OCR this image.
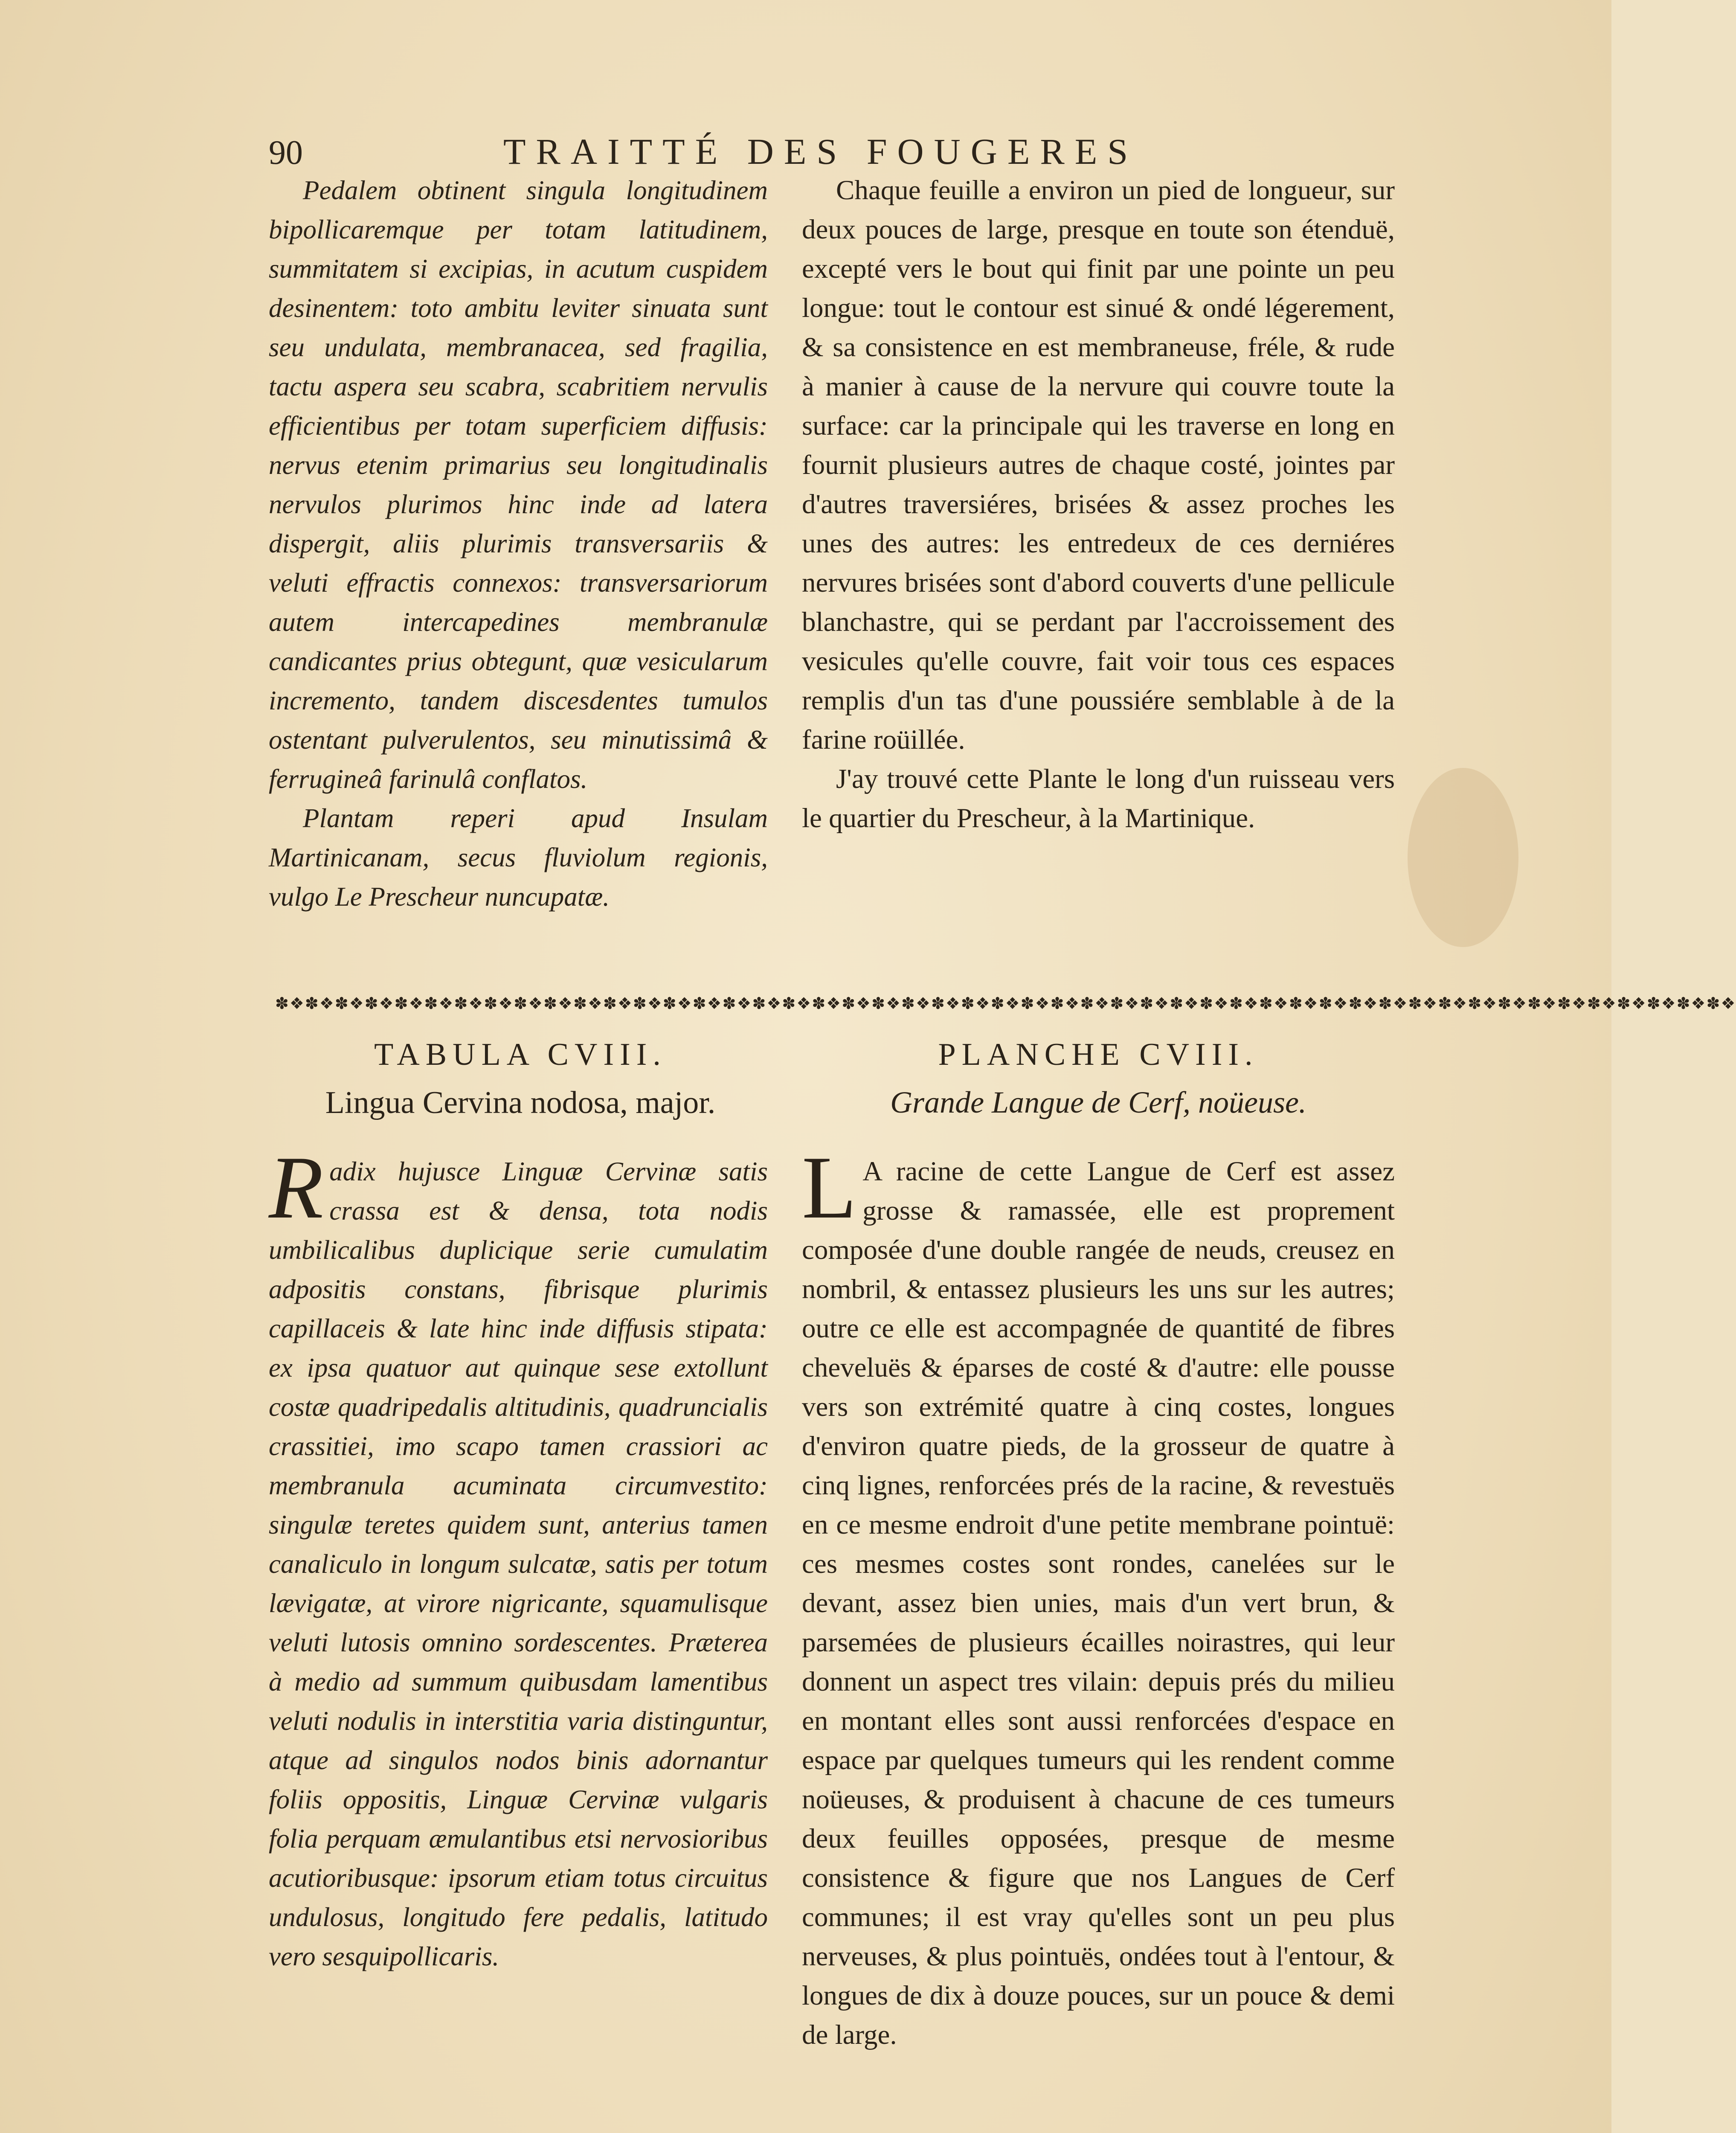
90	TRAITTÉ DES FOUGERES

Pedalem obtinent singula longitudinem bipollicaremque per totam latitudinem, summitatem si excipias, in acutum cuspidem desinentem: toto ambitu leviter sinuata sunt seu undulata, membranacea, sed fragilia, tactu aspera seu scabra, scabritiem nervulis efficientibus per totam superficiem diffusis: nervus etenim primarius seu longitudinalis nervulos plurimos hinc inde ad latera dispergit, aliis plurimis transversariis & veluti effractis connexos: transversariorum autem intercapedines membranulæ candicantes prius obtegunt, quæ vesicularum incremento, tandem discesdentes tumulos ostentant pulverulentos, seu minutissimâ & ferrugineâ farinulâ conflatos.

Plantam reperi apud Insulam Martinicanam, secus fluviolum regionis, vulgo Le Prescheur nuncupatæ.

Chaque feuille a environ un pied de longueur, sur deux pouces de large, presque en toute son étenduë, excepté vers le bout qui finit par une pointe un peu longue: tout le contour est sinué & ondé légerement, & sa consistence en est membraneuse, fréle, & rude à manier à cause de la nervure qui couvre toute la surface: car la principale qui les traverse en long en fournit plusieurs autres de chaque costé, jointes par d'autres traversiéres, brisées & assez proches les unes des autres: les entredeux de ces derniéres nervures brisées sont d'abord couverts d'une pellicule blanchastre, qui se perdant par l'accroissement des vesicules qu'elle couvre, fait voir tous ces espaces remplis d'un tas d'une poussiére semblable à de la farine roüillée.

J'ay trouvé cette Plante le long d'un ruisseau vers le quartier du Prescheur, à la Martinique.

✽❖✽❖✽❖✽❖✽❖✽❖✽❖✽❖✽❖✽❖✽❖✽❖✽❖✽❖✽❖✽❖✽❖✽❖✽❖✽❖✽❖✽❖✽❖✽❖✽❖✽❖✽❖✽❖✽❖✽❖✽❖✽❖✽❖✽❖✽❖✽❖✽❖✽❖✽❖✽❖✽❖✽❖✽❖✽❖✽❖✽❖✽❖✽❖✽❖
TABULA CVIII.
Lingua Cervina nodosa, major.
PLANCHE CVIII.
Grande Langue de Cerf, noüeuse.

R adix hujusce Linguæ Cervinæ satis crassa est & densa, tota nodis umbilicalibus duplicique serie cumulatim adpositis constans, fibrisque plurimis capillaceis & late hinc inde diffusis stipata: ex ipsa quatuor aut quinque sese extollunt costæ quadripedalis altitudinis, quadruncialis crassitiei, imo scapo tamen crassiori ac membranula acuminata circumvestito: singulæ teretes quidem sunt, anterius tamen canaliculo in longum sulcatæ, satis per totum lævigatæ, at virore nigricante, squamulisque veluti lutosis omnino sordescentes. Præterea à medio ad summum quibusdam lamentibus veluti nodulis in interstitia varia distinguntur, atque ad singulos nodos binis adornantur foliis oppositis, Linguæ Cervinæ vulgaris folia perquam æmulantibus etsi nervosioribus acutioribusque: ipsorum etiam totus circuitus undulosus, longitudo fere pedalis, latitudo vero sesquipollicaris.

L A racine de cette Langue de Cerf est assez grosse & ramassée, elle est proprement composée d'une double rangée de neuds, creusez en nombril, & entassez plusieurs les uns sur les autres; outre ce elle est accompagnée de quantité de fibres cheveluës & éparses de costé & d'autre: elle pousse vers son extrémité quatre à cinq costes, longues d'environ quatre pieds, de la grosseur de quatre à cinq lignes, renforcées prés de la racine, & revestuës en ce mesme endroit d'une petite membrane pointuë: ces mesmes costes sont rondes, canelées sur le devant, assez bien unies, mais d'un vert brun, & parsemées de plusieurs écailles noirastres, qui leur donnent un aspect tres vilain: depuis prés du milieu en montant elles sont aussi renforcées d'espace en espace par quelques tumeurs qui les rendent comme noüeuses, & produisent à chacune de ces tumeurs deux feuilles opposées, presque de mesme consistence & figure que nos Langues de Cerf communes; il est vray qu'elles sont un peu plus nerveuses, & plus pointuës, ondées tout à l'entour, & longues de dix à douze pouces, sur un pouce & demi de large.
